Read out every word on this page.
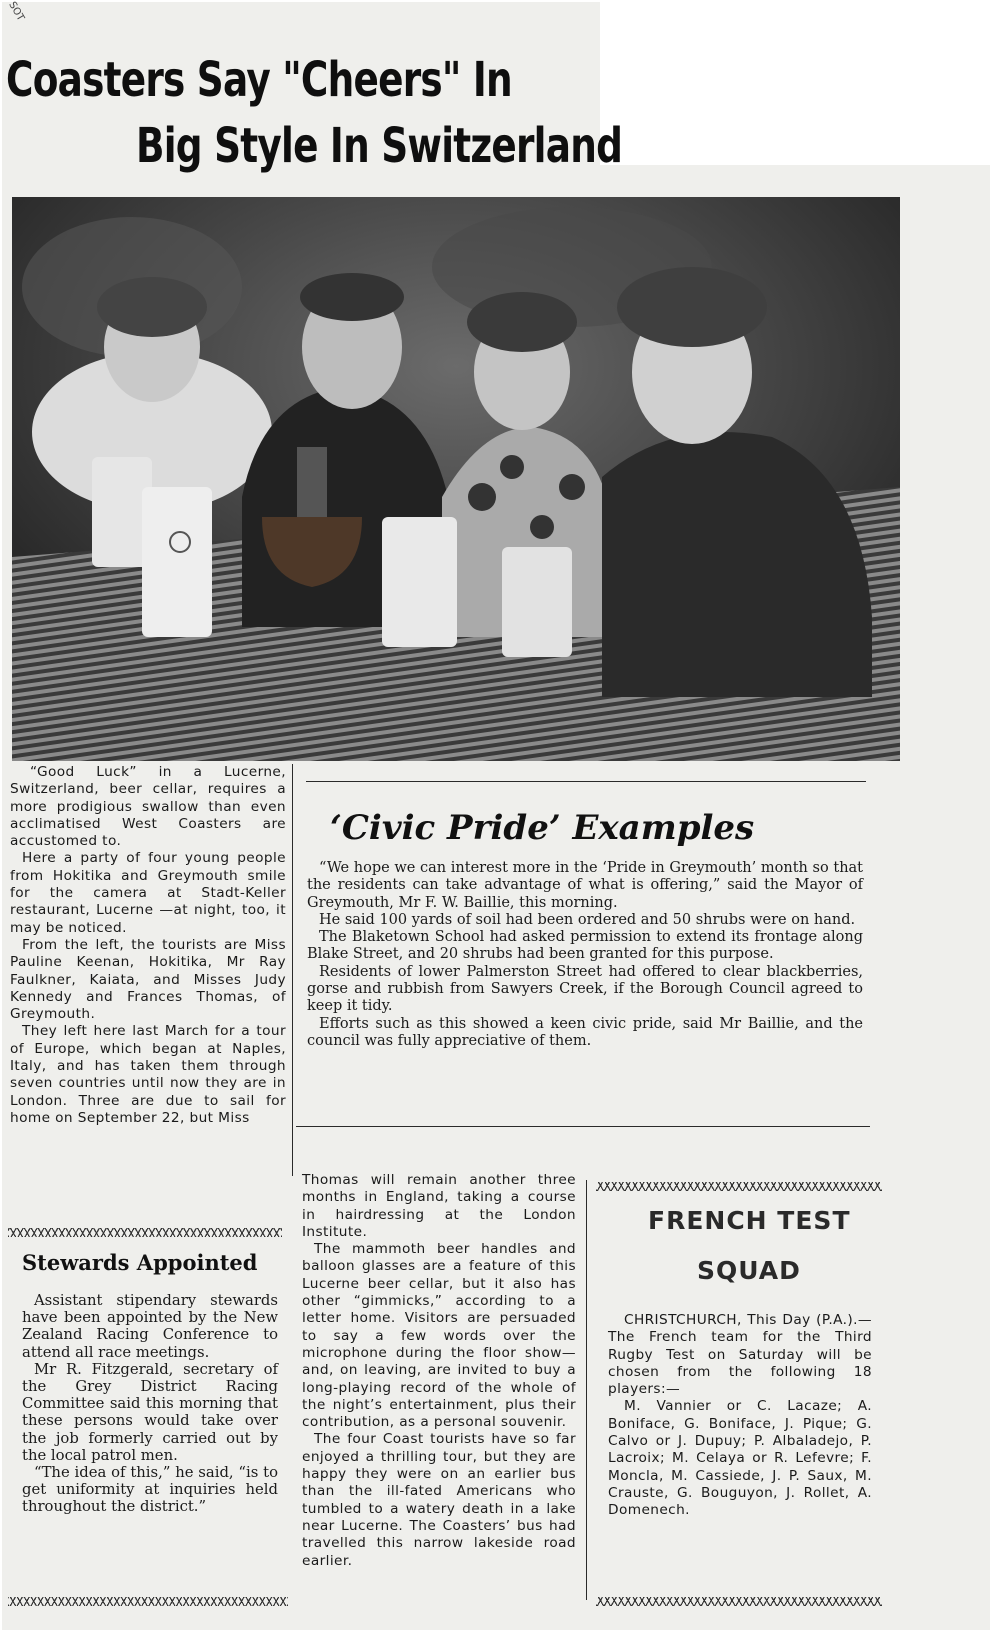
SOT
Coasters Say "Cheers" In
Big Style In Switzerland

“Good Luck” in a Lucerne, Switzerland, beer cellar, requires a more prodigious swallow than even acclimatised West Coasters are accustomed to.

Here a party of four young people from Hokitika and Greymouth smile for the camera at Stadt-Keller restaurant, Lucerne —at night, too, it may be noticed.

From the left, the tourists are Miss Pauline Keenan, Hokitika, Mr Ray Faulkner, Kaiata, and Misses Judy Kennedy and Frances Thomas, of Greymouth.

They left here last March for a tour of Europe, which began at Naples, Italy, and has taken them through seven countries until now they are in London. Three are due to sail for home on September 22, but Miss

‘Civic Pride’ Examples

“We hope we can interest more in the ‘Pride in Greymouth’ month so that the residents can take advantage of what is offering,” said the Mayor of Greymouth, Mr F. W. Baillie, this morning.

He said 100 yards of soil had been ordered and 50 shrubs were on hand.

The Blaketown School had asked permission to extend its frontage along Blake Street, and 20 shrubs had been granted for this purpose.

Residents of lower Palmerston Street had offered to clear blackberries, gorse and rubbish from Sawyers Creek, if the Borough Council agreed to keep it tidy.

Efforts such as this showed a keen civic pride, said Mr Baillie, and the council was fully appreciative of them.

Stewards Appointed

Assistant stipendary stewards have been appointed by the New Zealand Racing Conference to attend all race meetings.

Mr R. Fitzgerald, secretary of the Grey District Racing Committee said this morning that these persons would take over the job formerly carried out by the local patrol men.

“The idea of this,” he said, “is to get uniformity at inquiries held throughout the district.”

Thomas will remain another three months in England, taking a course in hairdressing at the London Institute.

The mammoth beer handles and balloon glasses are a feature of this Lucerne beer cellar, but it also has other “gimmicks,” according to a letter home. Visitors are persuaded to say a few words over the microphone during the floor show—and, on leaving, are invited to buy a long-playing record of the whole of the night’s entertainment, plus their contribution, as a personal souvenir.

The four Coast tourists have so far enjoyed a thrilling tour, but they are happy they were on an earlier bus than the ill-fated Americans who tumbled to a watery death in a lake near Lucerne. The Coasters’ bus had travelled this narrow lakeside road earlier.

FRENCH TEST
SQUAD

CHRISTCHURCH, This Day (P.A.).—The French team for the Third Rugby Test on Saturday will be chosen from the following 18 players:—

M. Vannier or C. Lacaze; A. Boniface, G. Boniface, J. Pique; G. Calvo or J. Dupuy; P. Albaladejo, P. Lacroix; M. Celaya or R. Lefevre; F. Moncla, M. Cassiede, J. P. Saux, M. Crauste, G. Bouguyon, J. Rollet, A. Domenech.
